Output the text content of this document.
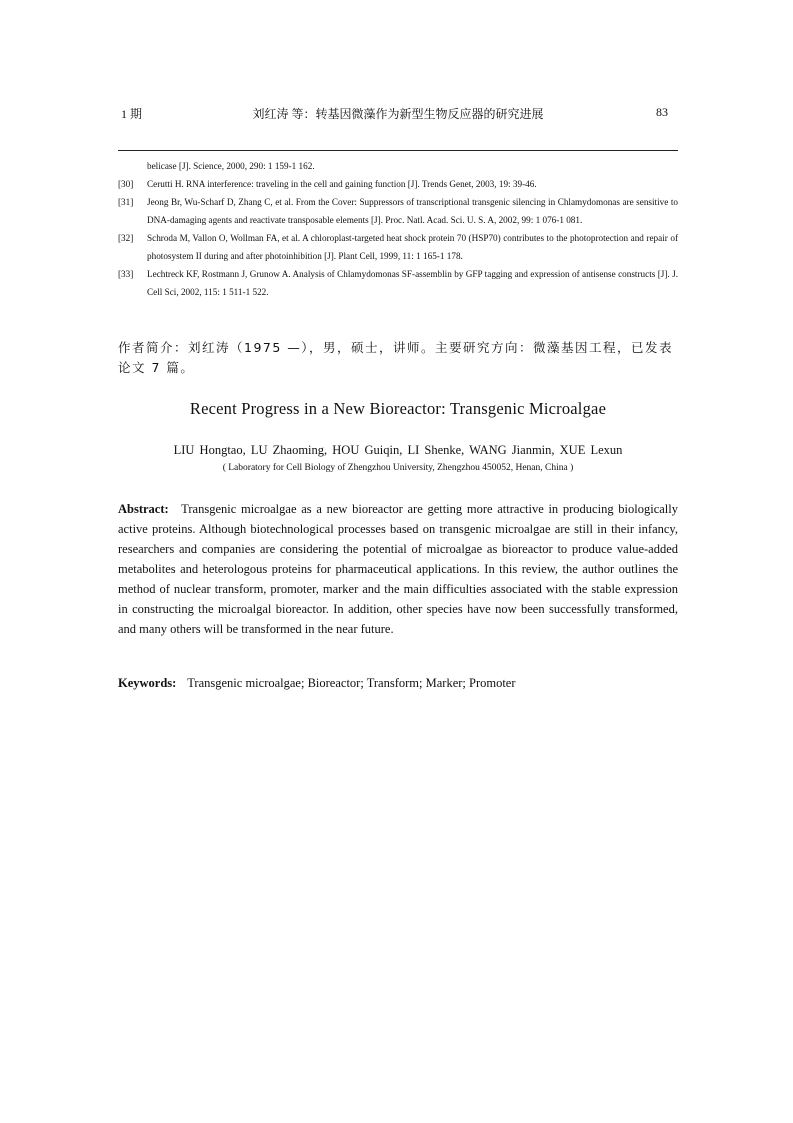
1 期	刘红涛 等：转基因微藻作为新型生物反应器的研究进展	83
belicase [J]. Science, 2000, 290: 1 159-1 162.
[30] Cerutti H. RNA interference: traveling in the cell and gaining function [J]. Trends Genet, 2003, 19: 39-46.
[31] Jeong Br, Wu-Scharf D, Zhang C, et al. From the Cover: Suppressors of transcriptional transgenic silencing in Chlamydomonas are sensitive to DNA-damaging agents and reactivate transposable elements [J]. Proc. Natl. Acad. Sci. U. S. A, 2002, 99: 1 076-1 081.
[32] Schroda M, Vallon O, Wollman FA, et al. A chloroplast-targeted heat shock protein 70 (HSP70) contributes to the photoprotection and repair of photosystem II during and after photoinhibition [J]. Plant Cell, 1999, 11: 1 165-1 178.
[33] Lechtreck KF, Rostmann J, Grunow A. Analysis of Chlamydomonas SF-assemblin by GFP tagging and expression of antisense constructs [J]. J. Cell Sci, 2002, 115: 1 511-1 522.
作者简介：刘红涛（1975 —），男，硕士，讲师。主要研究方向：微藻基因工程，已发表论文 7 篇。
Recent Progress in a New Bioreactor: Transgenic Microalgae
LIU Hongtao, LU Zhaoming, HOU Guiqin, LI Shenke, WANG Jianmin, XUE Lexun
( Laboratory for Cell Biology of Zhengzhou University, Zhengzhou 450052, Henan, China )
Abstract: Transgenic microalgae as a new bioreactor are getting more attractive in producing biologically active proteins. Although biotechnological processes based on transgenic microalgae are still in their infancy, researchers and companies are considering the potential of microalgae as bioreactor to produce value-added metabolites and heterologous proteins for pharmaceutical applications. In this review, the author outlines the method of nuclear transform, promoter, marker and the main difficulties associated with the stable expression in constructing the microalgal bioreactor. In addition, other species have now been successfully transformed, and many others will be transformed in the near future.
Keywords: Transgenic microalgae; Bioreactor; Transform; Marker; Promoter
